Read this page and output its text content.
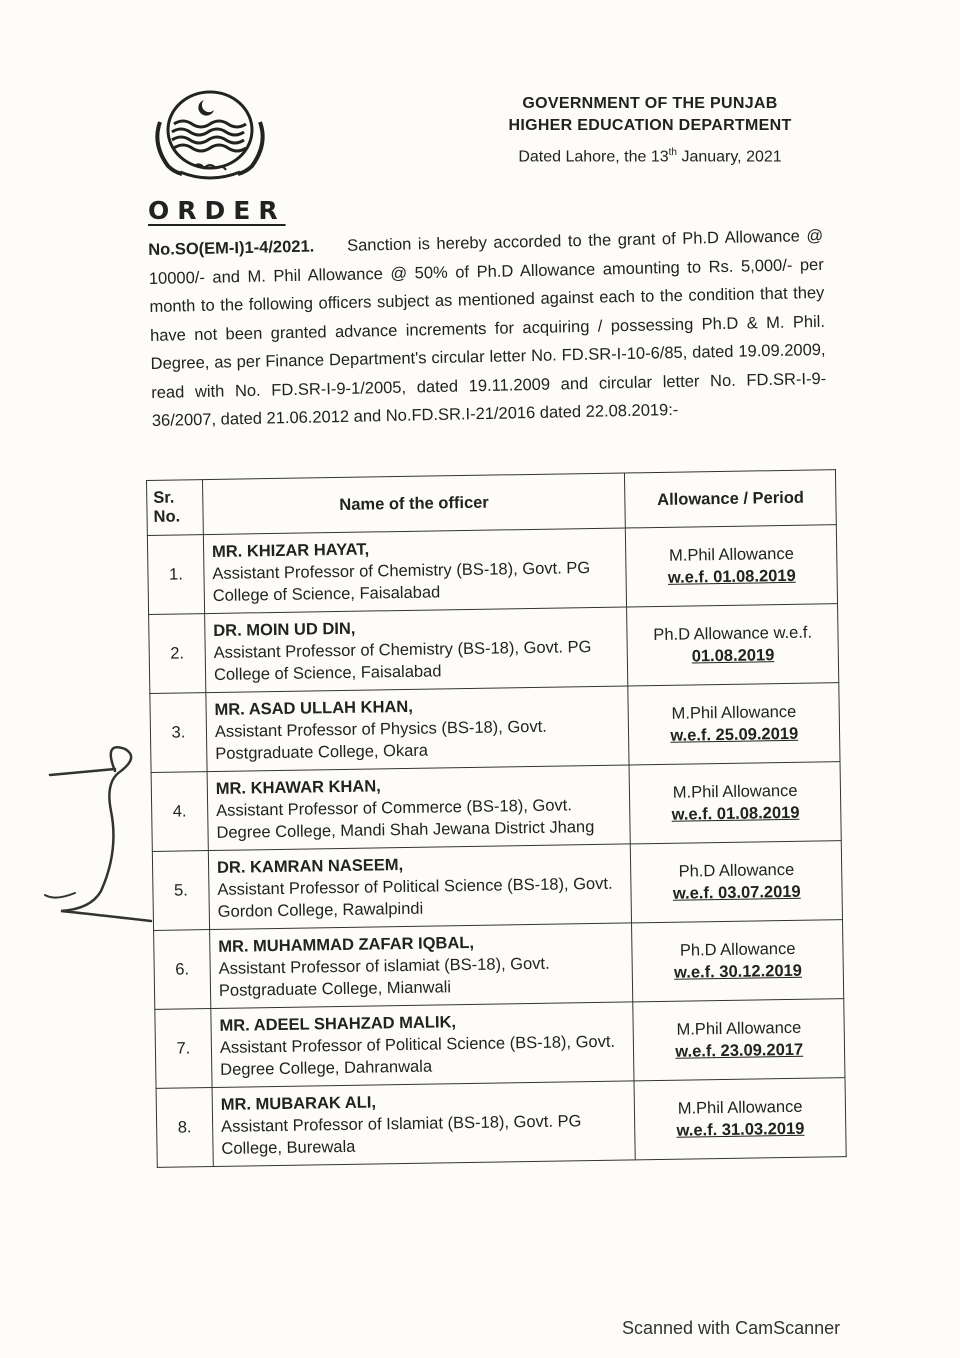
GOVERNMENT OF THE PUNJAB
HIGHER EDUCATION DEPARTMENT
Dated Lahore, the 13th January, 2021
ORDER
No.SO(EM-I)1-4/2021. Sanction is hereby accorded to the grant of Ph.D Allowance @ 10000/- and M. Phil Allowance @ 50% of Ph.D Allowance amounting to Rs. 5,000/- per month to the following officers subject as mentioned against each to the condition that they have not been granted advance increments for acquiring / possessing Ph.D & M. Phil. Degree, as per Finance Department's circular letter No. FD.SR-I-10-6/85, dated 19.09.2009, read with No. FD.SR-I-9-1/2005, dated 19.11.2009 and circular letter No. FD.SR-I-9-36/2007, dated 21.06.2012 and No.FD.SR.I-21/2016 dated 22.08.2019:-
Sr. No.	Name of the officer	Allowance / Period
1.	MR. KHIZAR HAYAT,
Assistant Professor of Chemistry (BS-18), Govt. PG College of Science, Faisalabad	M.Phil Allowance
w.e.f. 01.08.2019

2.	DR. MOIN UD DIN,
Assistant Professor of Chemistry (BS-18), Govt. PG College of Science, Faisalabad	Ph.D Allowance w.e.f.
01.08.2019

3.	MR. ASAD ULLAH KHAN,
Assistant Professor of Physics (BS-18), Govt. Postgraduate College, Okara	M.Phil Allowance
w.e.f. 25.09.2019

4.	MR. KHAWAR KHAN,
Assistant Professor of Commerce (BS-18), Govt. Degree College, Mandi Shah Jewana District Jhang	M.Phil Allowance
w.e.f. 01.08.2019

5.	DR. KAMRAN NASEEM,
Assistant Professor of Political Science (BS-18), Govt. Gordon College, Rawalpindi	Ph.D Allowance
w.e.f. 03.07.2019

6.	MR. MUHAMMAD ZAFAR IQBAL,
Assistant Professor of islamiat (BS-18), Govt. Postgraduate College, Mianwali	Ph.D Allowance
w.e.f. 30.12.2019

7.	MR. ADEEL SHAHZAD MALIK,
Assistant Professor of Political Science (BS-18), Govt. Degree College, Dahranwala	M.Phil Allowance
w.e.f. 23.09.2017

8.	MR. MUBARAK ALI,
Assistant Professor of Islamiat (BS-18), Govt. PG College, Burewala	M.Phil Allowance
w.e.f. 31.03.2019
Scanned with CamScanner
